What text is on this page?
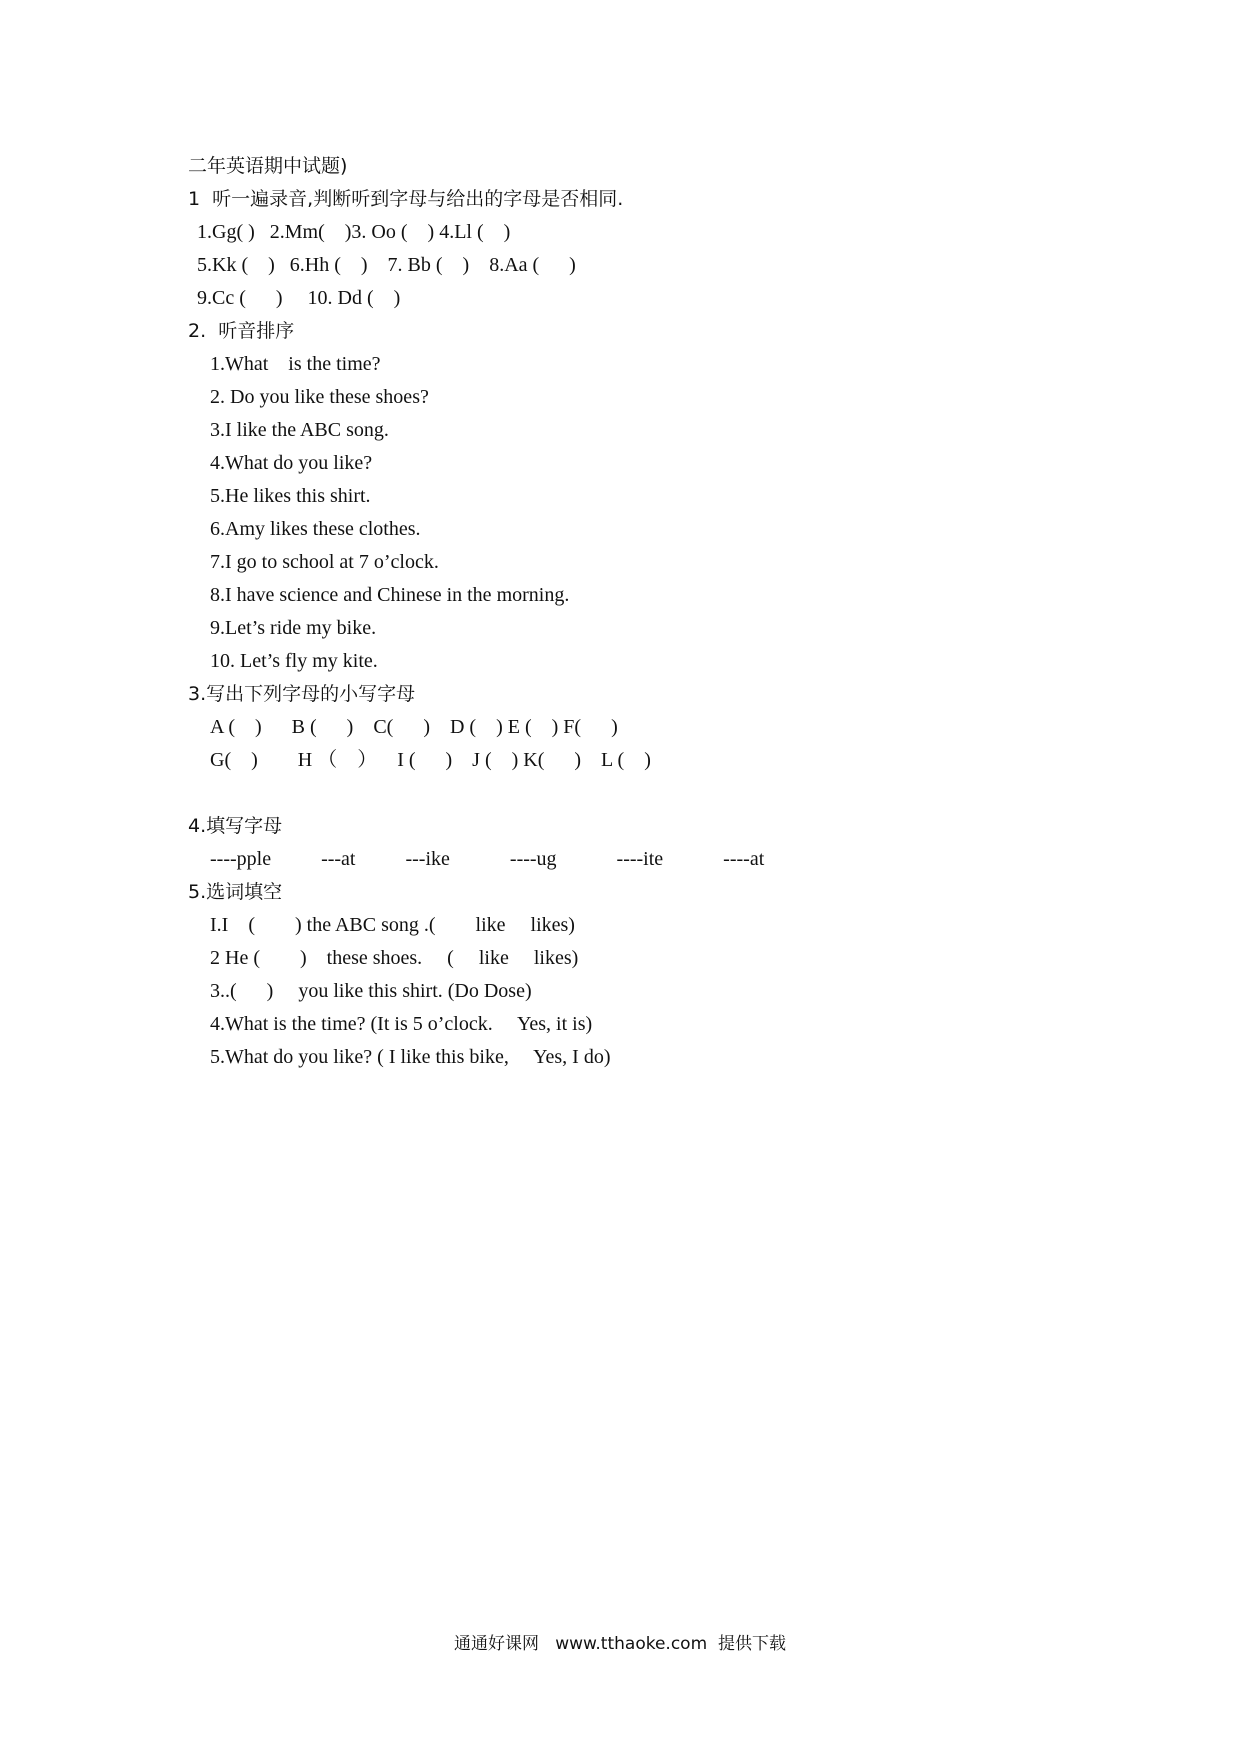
二年英语期中试题)
1  听一遍录音,判断听到字母与给出的字母是否相同.
1.Gg( )   2.Mm(    )3. Oo (    ) 4.Ll (    )
5.Kk (    )   6.Hh (    )    7. Bb (    )    8.Aa (      )
9.Cc (      )     10. Dd (    )
2.  听音排序
1.What    is the time?
2. Do you like these shoes?
3.I like the ABC song.
4.What do you like?
5.He likes this shirt.
6.Amy likes these clothes.
7.I go to school at 7 o’clock.
8.I have science and Chinese in the morning.
9.Let’s ride my bike.
10. Let’s fly my kite.
3.写出下列字母的小写字母
A (    )      B (      )    C(      )    D (    ) E (    ) F(      )
G(    )        H （    ）    I (      )    J (    ) K(      )    L (    )
4.填写字母
----pple          ---at          ---ike            ----ug            ----ite            ----at
5.选词填空
I.I    (        ) the ABC song .(        like     likes)
2 He (        )    these shoes.     (     like     likes)
3..(      )     you like this shirt. (Do Dose)
4.What is the time? (It is 5 o’clock.     Yes, it is)
5.What do you like? ( I like this bike,     Yes, I do)
通通好课网   www.tthaoke.com  提供下载
